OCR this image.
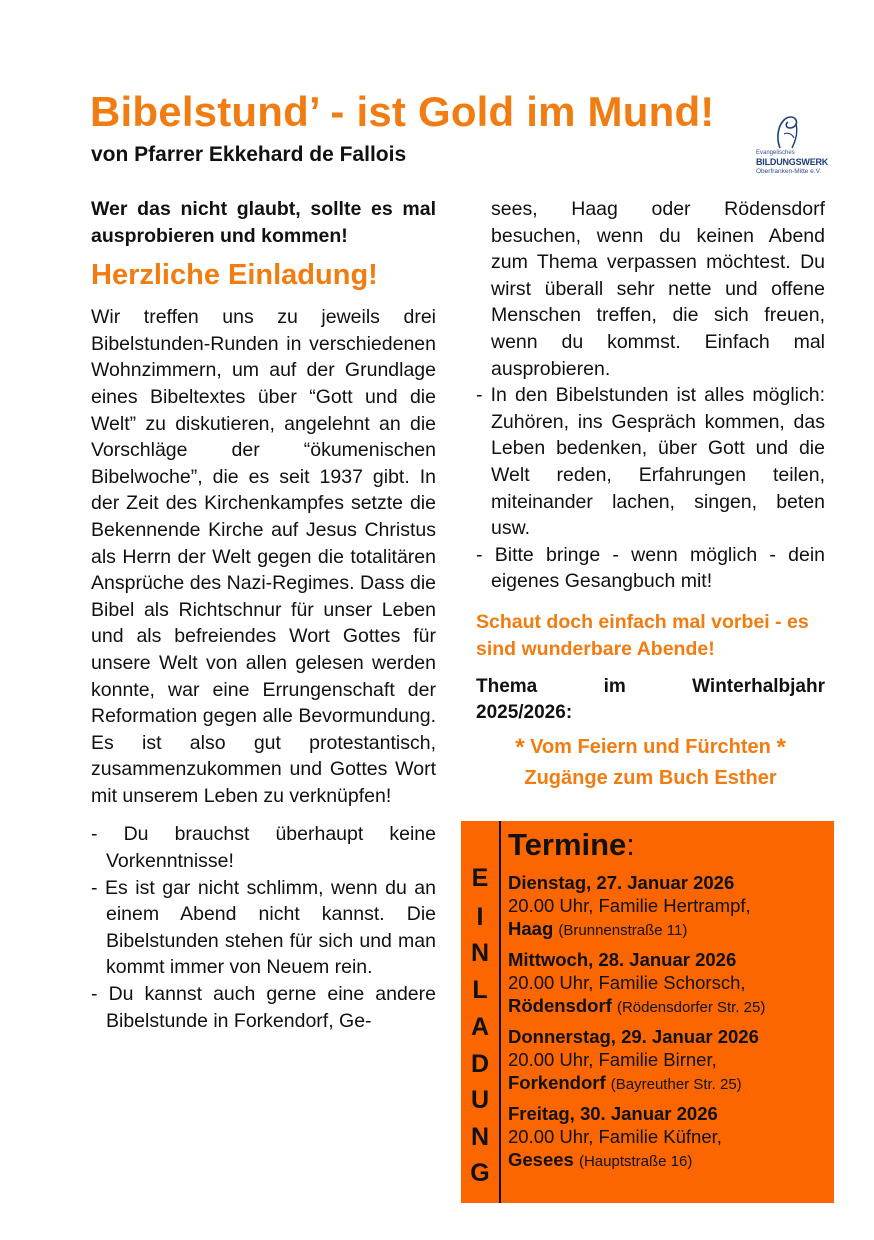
Bibelstund’ - ist Gold im Mund!

von Pfarrer Ekkehard de Fallois	Evangelisches
BILDUNGSWERK
Oberfranken-Mitte e.V.

Wer das nicht glaubt, sollte es mal ausprobieren und kommen!

Herzliche Einladung!

Wir treffen uns zu jeweils drei Bibelstunden-Runden in verschiedenen Wohnzimmern, um auf der Grundlage eines Bibeltextes über “Gott und die Welt” zu diskutieren, angelehnt an die Vorschläge der “ökumenischen Bibelwoche”, die es seit 1937 gibt. In der Zeit des Kirchenkampfes setzte die Bekennende Kirche auf Jesus Christus als Herrn der Welt gegen die totalitären Ansprüche des Nazi-Regimes. Dass die Bibel als Richtschnur für unser Leben und als befreiendes Wort Gottes für unsere Welt von allen gelesen werden konnte, war eine Errungenschaft der Reformation gegen alle Bevormundung. Es ist also gut protestantisch, zusammenzukommen und Gottes Wort mit unserem Leben zu verknüpfen!

- Du brauchst überhaupt keine Vorkenntnisse!
- Es ist gar nicht schlimm, wenn du an einem Abend nicht kannst. Die Bibelstunden stehen für sich und man kommt immer von Neuem rein.
- Du kannst auch gerne eine andere Bibelstunde in Forkendorf, Ge-

sees, Haag oder Rödensdorf besuchen, wenn du keinen Abend zum Thema verpassen möchtest. Du wirst überall sehr nette und offene Menschen treffen, die sich freuen, wenn du kommst. Einfach mal ausprobieren.

- In den Bibelstunden ist alles möglich: Zuhören, ins Gespräch kommen, das Leben bedenken, über Gott und die Welt reden, Erfahrungen teilen, miteinander lachen, singen, beten usw.
- Bitte bringe - wenn möglich - dein eigenes Gesangbuch mit!

Schaut doch einfach mal vorbei - es sind wunderbare Abende!

Thema	im	Winterhalbjahr
2025/2026:

* Vom Feiern und Fürchten *

Zugänge zum Buch Esther

E
I
N
L
A
D
U
N
G

Termine:

Dienstag, 27. Januar 2026

20.00 Uhr, Familie Hertrampf,

Haag (Brunnenstraße 11)

Mittwoch, 28. Januar 2026

20.00 Uhr, Familie Schorsch,

Rödensdorf (Rödensdorfer Str. 25)

Donnerstag, 29. Januar 2026

20.00 Uhr, Familie Birner,

Forkendorf (Bayreuther Str. 25)

Freitag, 30. Januar 2026

20.00 Uhr, Familie Küfner,

Gesees (Hauptstraße 16)
